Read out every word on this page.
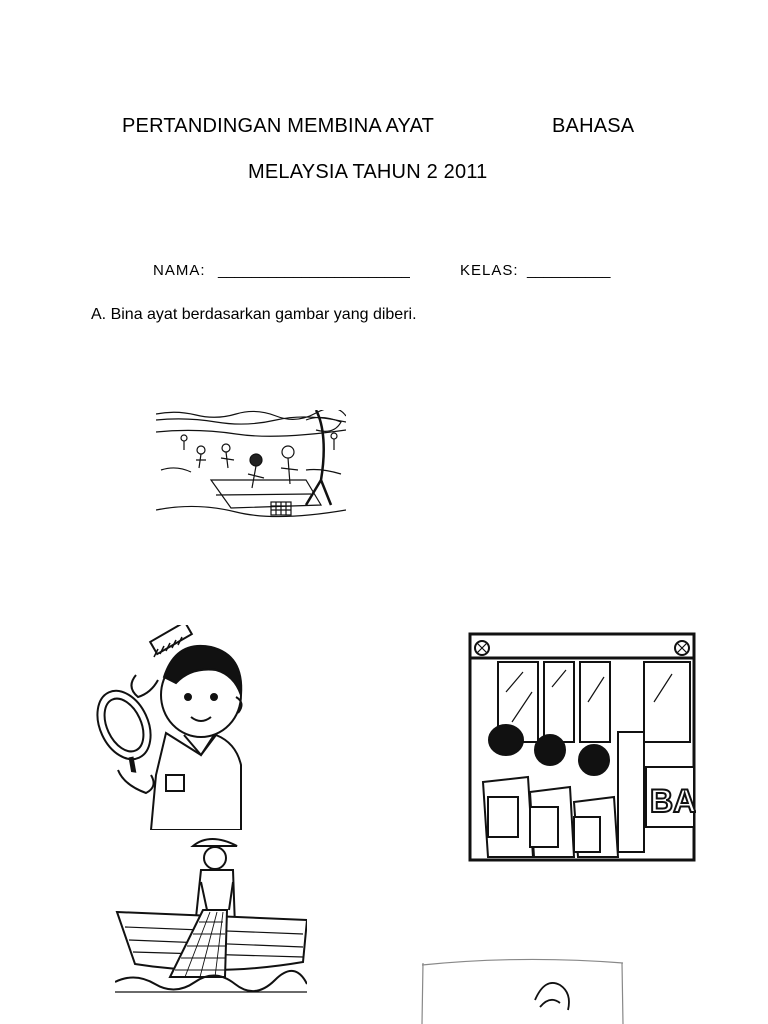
PERTANDINGAN MEMBINA AYAT	BAHASA
MELAYSIA TAHUN 2 2011
NAMA: _______________________	KELAS: __________
A. Bina ayat berdasarkan gambar yang diberi.
BA
